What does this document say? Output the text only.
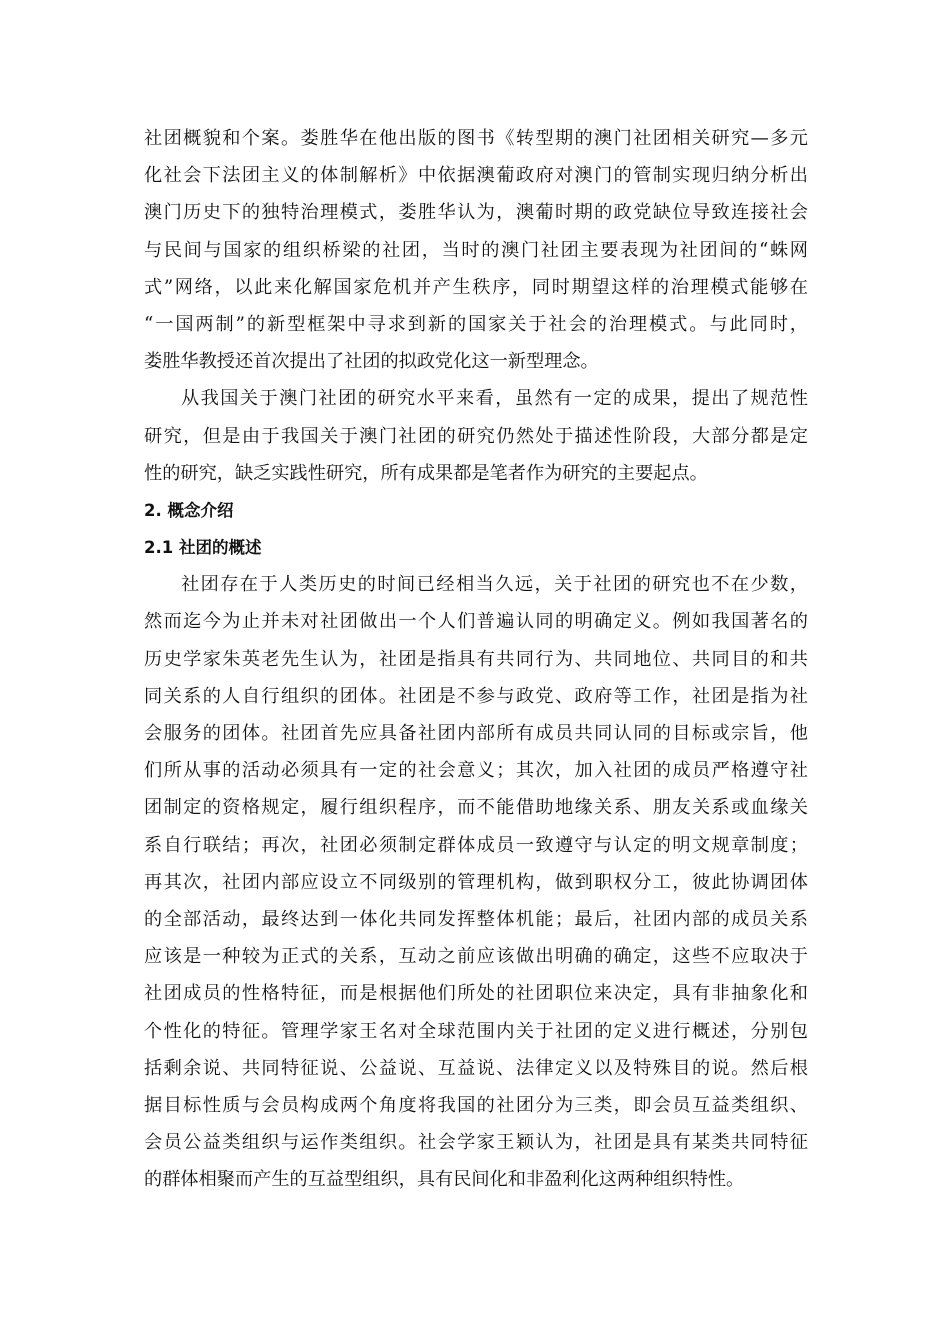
社团概貌和个案。娄胜华在他出版的图书《转型期的澳门社团相关研究—多元
化社会下法团主义的体制解析》中依据澳葡政府对澳门的管制实现归纳分析出
澳门历史下的独特治理模式，娄胜华认为，澳葡时期的政党缺位导致连接社会
与民间与国家的组织桥梁的社团，当时的澳门社团主要表现为社团间的“蛛网
式”网络，以此来化解国家危机并产生秩序，同时期望这样的治理模式能够在
“一国两制”的新型框架中寻求到新的国家关于社会的治理模式。与此同时，
娄胜华教授还首次提出了社团的拟政党化这一新型理念。
从我国关于澳门社团的研究水平来看，虽然有一定的成果，提出了规范性
研究，但是由于我国关于澳门社团的研究仍然处于描述性阶段，大部分都是定
性的研究，缺乏实践性研究，所有成果都是笔者作为研究的主要起点。
2. 概念介绍
2.1 社团的概述
社团存在于人类历史的时间已经相当久远，关于社团的研究也不在少数，
然而迄今为止并未对社团做出一个人们普遍认同的明确定义。例如我国著名的
历史学家朱英老先生认为，社团是指具有共同行为、共同地位、共同目的和共
同关系的人自行组织的团体。社团是不参与政党、政府等工作，社团是指为社
会服务的团体。社团首先应具备社团内部所有成员共同认同的目标或宗旨，他
们所从事的活动必须具有一定的社会意义；其次，加入社团的成员严格遵守社
团制定的资格规定，履行组织程序，而不能借助地缘关系、朋友关系或血缘关
系自行联结；再次，社团必须制定群体成员一致遵守与认定的明文规章制度；
再其次，社团内部应设立不同级别的管理机构，做到职权分工，彼此协调团体
的全部活动，最终达到一体化共同发挥整体机能；最后，社团内部的成员关系
应该是一种较为正式的关系，互动之前应该做出明确的确定，这些不应取决于
社团成员的性格特征，而是根据他们所处的社团职位来决定，具有非抽象化和
个性化的特征。管理学家王名对全球范围内关于社团的定义进行概述，分别包
括剩余说、共同特征说、公益说、互益说、法律定义以及特殊目的说。然后根
据目标性质与会员构成两个角度将我国的社团分为三类，即会员互益类组织、
会员公益类组织与运作类组织。社会学家王颖认为，社团是具有某类共同特征
的群体相聚而产生的互益型组织，具有民间化和非盈利化这两种组织特性。
